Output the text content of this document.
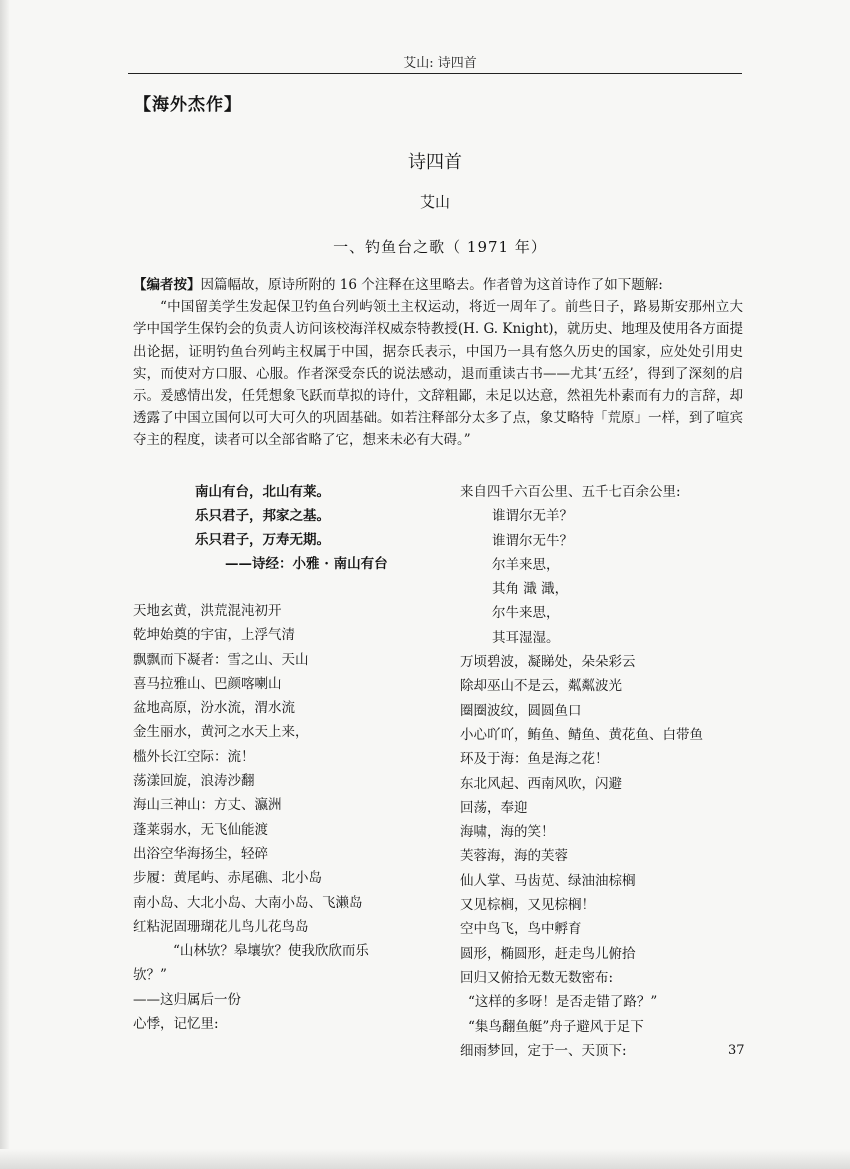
艾山: 诗四首
【海外杰作】
诗四首
艾山
一、钓鱼台之歌（ 1971 年）

【编者按】因篇幅故，原诗所附的 16 个注释在这里略去。作者曾为这首诗作了如下题解:

“中国留美学生发起保卫钓鱼台列屿领土主权运动，将近一周年了。前些日子，路易斯安那州立大学中国学生保钓会的负责人访问该校海洋权威奈特教授(H. G. Knight)，就历史、地理及使用各方面提出论据，证明钓鱼台列屿主权属于中国，据奈氏表示，中国乃一具有悠久历史的国家，应处处引用史实，而使对方口服、心服。作者深受奈氏的说法感动，退而重读古书——尤其‘五经’，得到了深刻的启示。爰感情出发，任凭想象飞跃而草拟的诗什，文辞粗鄙，未足以达意，然祖先朴素而有力的言辞，却透露了中国立国何以可大可久的巩固基础。如若注释部分太多了点，象艾略特「荒原」一样，到了喧宾夺主的程度，读者可以全部省略了它，想来未必有大碍。”

南山有台，北山有莱。
乐只君子，邦家之基。
乐只君子，万寿无期。
——诗经：小雅 · 南山有台
天地玄黄，洪荒混沌初开
乾坤始奠的宇宙，上浮气清
飘飘而下凝者：雪之山、天山
喜马拉雅山、巴颜喀喇山
盆地高原，汾水流，渭水流
金生丽水，黄河之水天上来，
槛外长江空际：流！
荡漾回旋，浪涛沙翻
海山三神山：方丈、瀛洲
蓬莱弱水，无飞仙能渡
出浴空华海扬尘，轻碎
步履：黄尾屿、赤尾礁、北小岛
南小岛、大北小岛、大南小岛、飞濑岛
红粘泥固珊瑚花儿鸟儿花鸟岛
“山林欤？皋壤欤？使我欣欣而乐
欤？”
——这归属后一份
心悸，记忆里:
来自四千六百公里、五千七百余公里:
谁谓尔无羊？
谁谓尔无牛？
尔羊来思，
其角 濈 濈，
尔牛来思，
其耳湿湿。
万顷碧波，凝睇处，朵朵彩云
除却巫山不是云，粼粼波光
圈圈波纹，圆圆鱼口
小心吖吖，鲔鱼、鲭鱼、黄花鱼、白带鱼
环及于海：鱼是海之花！
东北风起、西南风吹，闪避
回荡，奉迎
海啸，海的笑！
芙蓉海，海的芙蓉
仙人掌、马齿苋、绿油油棕榈
又见棕榈，又见棕榈！
空中鸟飞，鸟中孵育
圆形，椭圆形，赶走鸟儿俯拾
回归又俯拾无数无数密布:
“这样的多呀！是否走错了路？”
“集鸟翻鱼艇”舟子避风于足下
细雨梦回，定于一、天顶下:	37
